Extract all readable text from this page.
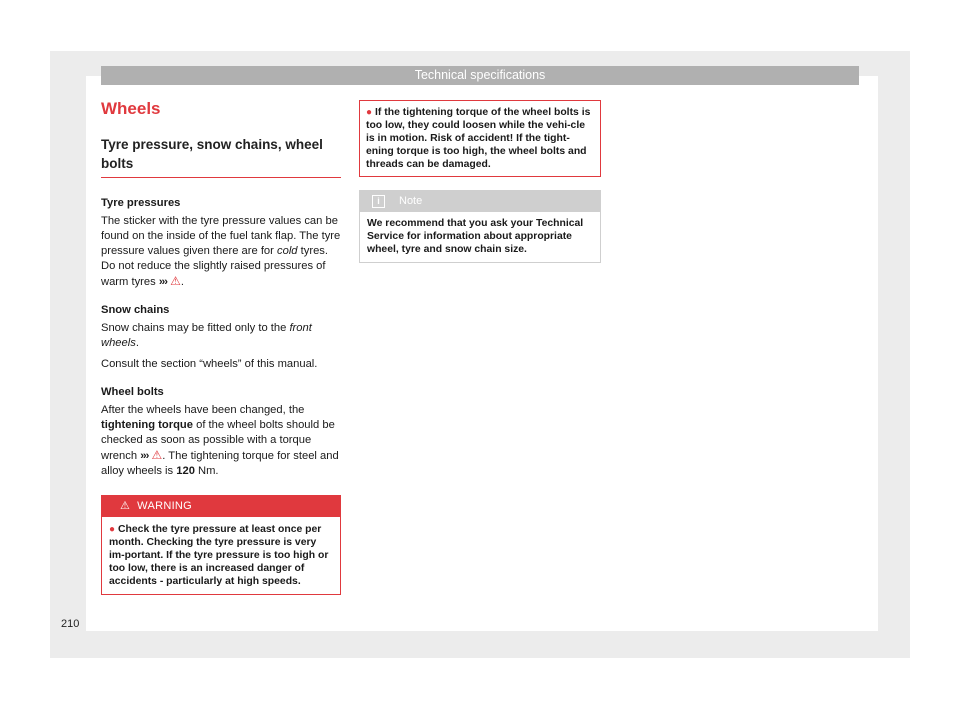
Technical specifications
Wheels
Tyre pressure, snow chains, wheel bolts

Tyre pressures

The sticker with the tyre pressure values can be found on the inside of the fuel tank flap. The tyre pressure values given there are for cold tyres. Do not reduce the slightly raised pressures of warm tyres ››› ⚠.

Snow chains

Snow chains may be fitted only to the front wheels.

Consult the section “wheels” of this manual.

Wheel bolts

After the wheels have been changed, the tightening torque of the wheel bolts should be checked as soon as possible with a torque wrench ››› ⚠. The tightening torque for steel and alloy wheels is 120 Nm.

⚠ WARNING

● Check the tyre pressure at least once per month. Checking the tyre pressure is very im-portant. If the tyre pressure is too high or too low, there is an increased danger of accidents - particularly at high speeds.

● If the tightening torque of the wheel bolts is too low, they could loosen while the vehi-cle is in motion. Risk of accident! If the tight-ening torque is too high, the wheel bolts and threads can be damaged.

i Note

We recommend that you ask your Technical Service for information about appropriate wheel, tyre and snow chain size.

210
